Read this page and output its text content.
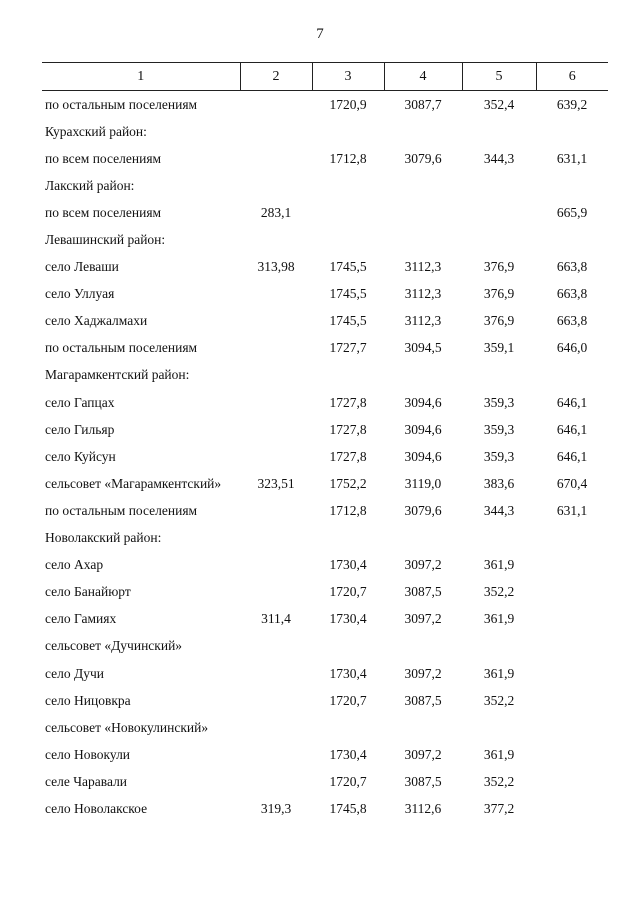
7
1	2	3	4	5	6
по остальным поселениям		1720,9	3087,7	352,4	639,2
Курахский район:					
по всем поселениям		1712,8	3079,6	344,3	631,1
Лакский район:					
по всем поселениям	283,1				665,9
Левашинский район:					
село Леваши	313,98	1745,5	3112,3	376,9	663,8
село Уллуая		1745,5	3112,3	376,9	663,8
село Хаджалмахи		1745,5	3112,3	376,9	663,8
по остальным поселениям		1727,7	3094,5	359,1	646,0
Магарамкентский район:					
село Гапцах		1727,8	3094,6	359,3	646,1
село Гильяр		1727,8	3094,6	359,3	646,1
село Куйсун		1727,8	3094,6	359,3	646,1
сельсовет «Магарамкентский»	323,51	1752,2	3119,0	383,6	670,4
по остальным поселениям		1712,8	3079,6	344,3	631,1
Новолакский район:					
село Ахар		1730,4	3097,2	361,9	
село Банайюрт		1720,7	3087,5	352,2	
село Гамиях	311,4	1730,4	3097,2	361,9	
сельсовет «Дучинский»					
село Дучи		1730,4	3097,2	361,9	
село Ницовкра		1720,7	3087,5	352,2	
сельсовет «Новокулинский»					
село Новокули		1730,4	3097,2	361,9	
селе Чаравали		1720,7	3087,5	352,2	
село Новолакское	319,3	1745,8	3112,6	377,2	
